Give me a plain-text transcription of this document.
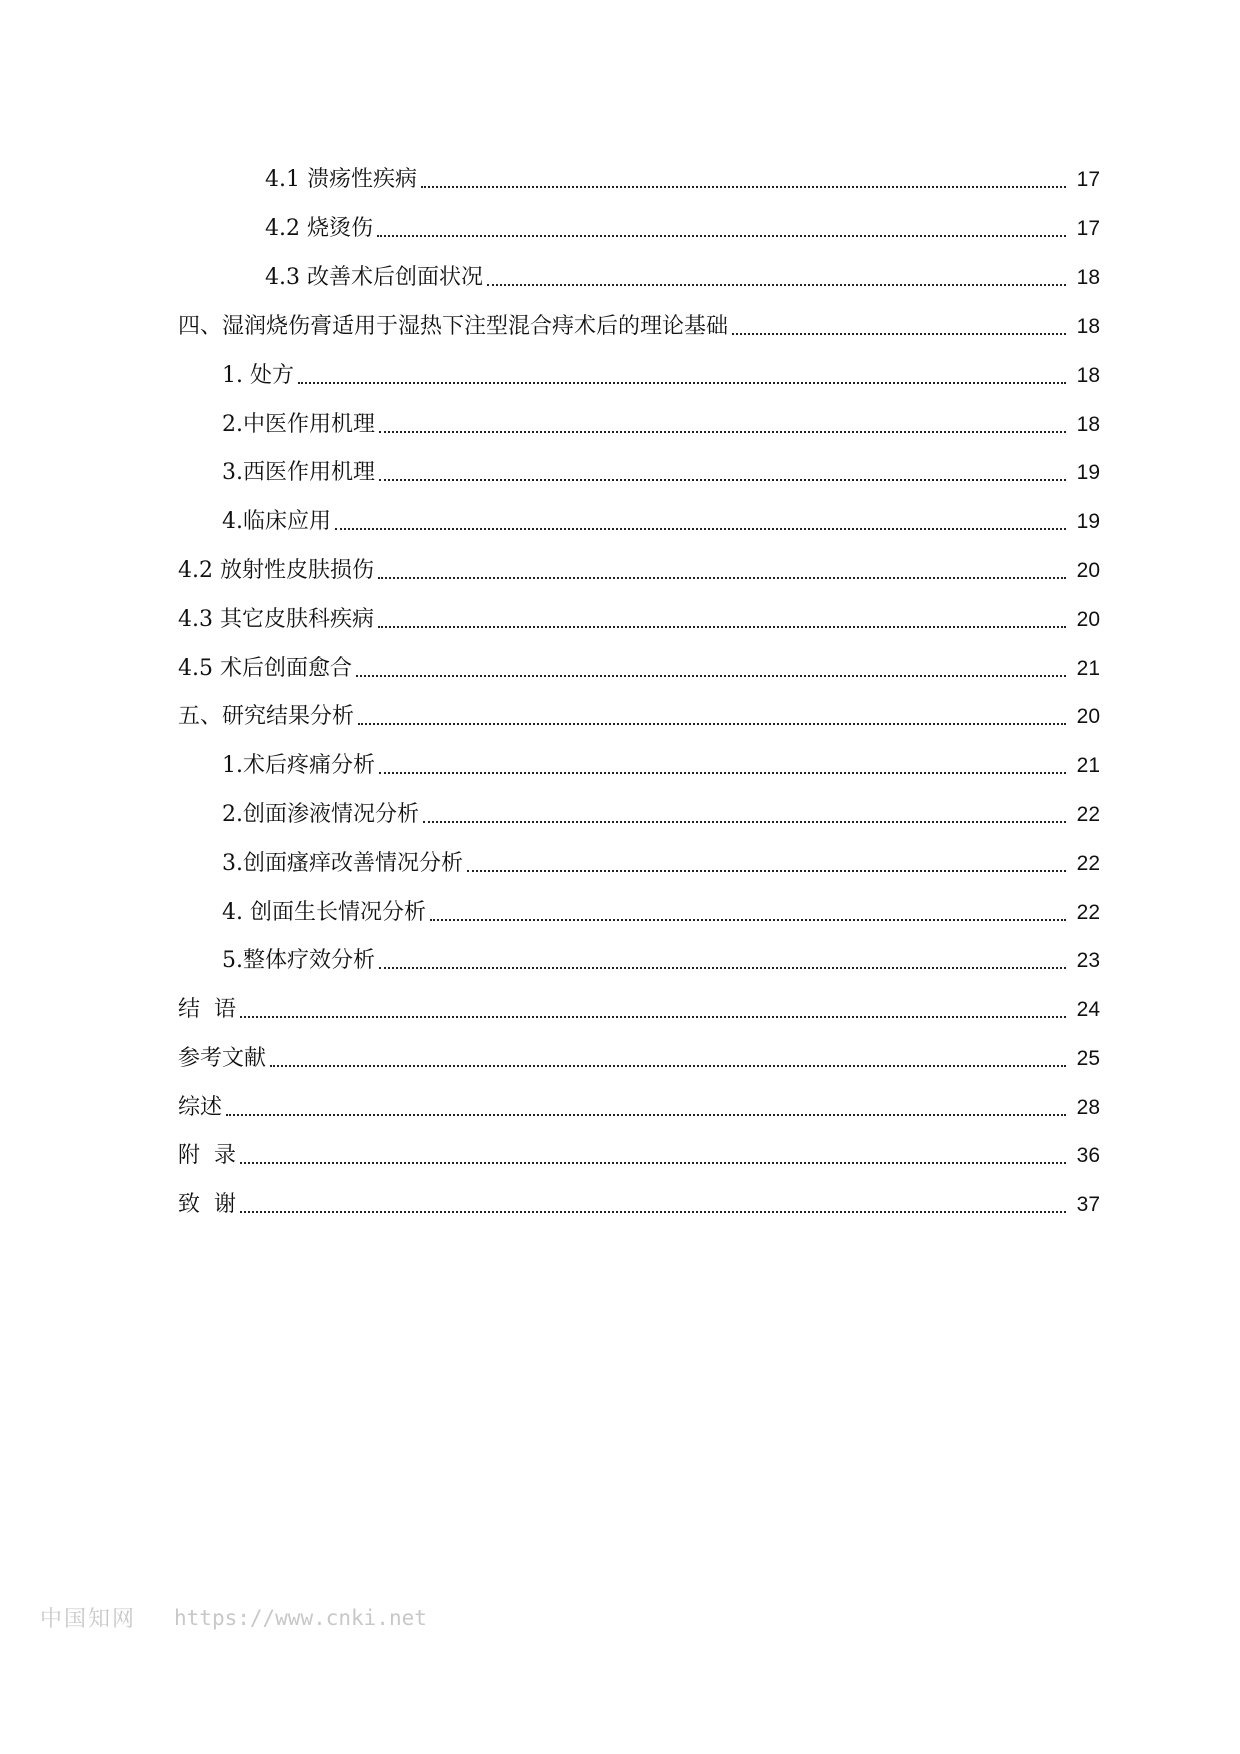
4.1 溃疡性疾病	17
4.2 烧烫伤	17
4.3 改善术后创面状况	18
四、湿润烧伤膏适用于湿热下注型混合痔术后的理论基础	18
1. 处方	18
2.中医作用机理	18
3.西医作用机理	19
4.临床应用	19
4.2 放射性皮肤损伤	20
4.3 其它皮肤科疾病	20
4.5 术后创面愈合	21
五、研究结果分析	20
1.术后疼痛分析	21
2.创面渗液情况分析	22
3.创面瘙痒改善情况分析	22
4. 创面生长情况分析	22
5.整体疗效分析	23
结  语	24
参考文献	25
综述	28
附  录	36
致  谢	37
中国知网 https://www.cnki.net
